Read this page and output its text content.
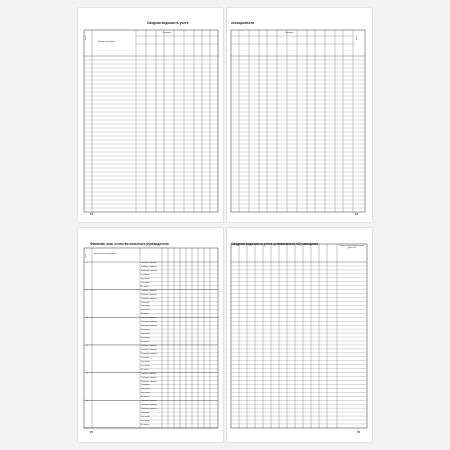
Сводная ведомость учёта
Пропущено
Фамилия обучающихся
№ п/п
73
посещаемости
Пропущено
№ п/п
73
Фамилия, имя, отчество классного руководителя
Фамилия и имя обучающегося
№ п/п
I четверть, триместр
II четверть, триместр
III четверть, триместр
IV четверть
Год. оценка
Экз. оценка
Ит. оценка
1
I четверть, триместр
II четверть, триместр
III четверть, триместр
IV четверть
Год. оценка
Экз. оценка
Ит. оценка
2
I четверть, триместр
II четверть, триместр
III четверть, триместр
IV четверть
Год. оценка
Экз. оценка
Ит. оценка
3
I четверть, триместр
II четверть, триместр
III четверть, триместр
IV четверть
Год. оценка
Экз. оценка
Ит. оценка
4
I четверть, триместр
II четверть, триместр
III четверть, триместр
IV четверть
Год. оценка
Экз. оценка
Ит. оценка
5
I четверть, триместр
II четверть, триместр
III четверть, триместр
IV четверть
Год. оценка
Экз. оценка
Ит. оценка
6
76
Сводная ведомость учёта успеваемости обучающихся
Решение педагогического совета (дата и №)
76
